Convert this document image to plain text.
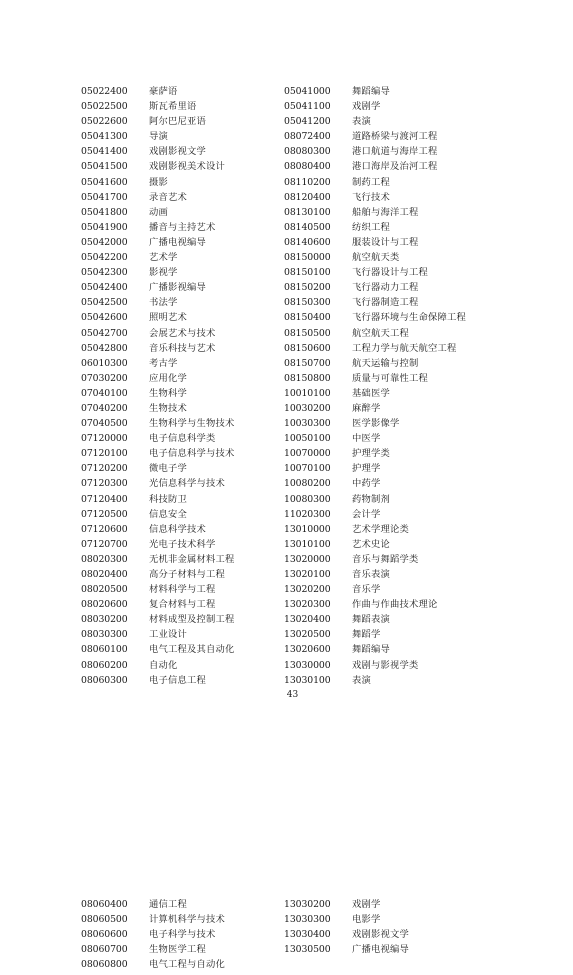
05022400	豪萨语
05022500	斯瓦希里语
05022600	阿尔巴尼亚语
05041300	导演
05041400	戏剧影视文学
05041500	戏剧影视美术设计
05041600	摄影
05041700	录音艺术
05041800	动画
05041900	播音与主持艺术
05042000	广播电视编导
05042200	艺术学
05042300	影视学
05042400	广播影视编导
05042500	书法学
05042600	照明艺术
05042700	会展艺术与技术
05042800	音乐科技与艺术
06010300	考古学
07030200	应用化学
07040100	生物科学
07040200	生物技术
07040500	生物科学与生物技术
07120000	电子信息科学类
07120100	电子信息科学与技术
07120200	微电子学
07120300	光信息科学与技术
07120400	科技防卫
07120500	信息安全
07120600	信息科学技术
07120700	光电子技术科学
08020300	无机非金属材料工程
08020400	高分子材料与工程
08020500	材料科学与工程
08020600	复合材料与工程
08030200	材料成型及控制工程
08030300	工业设计
08060100	电气工程及其自动化
08060200	自动化
08060300	电子信息工程
05041000	舞蹈编导
05041100	戏剧学
05041200	表演
08072400	道路桥梁与渡河工程
08080300	港口航道与海岸工程
08080400	港口海岸及治河工程
08110200	制药工程
08120400	飞行技术
08130100	船舶与海洋工程
08140500	纺织工程
08140600	服装设计与工程
08150000	航空航天类
08150100	飞行器设计与工程
08150200	飞行器动力工程
08150300	飞行器制造工程
08150400	飞行器环境与生命保障工程
08150500	航空航天工程
08150600	工程力学与航天航空工程
08150700	航天运输与控制
08150800	质量与可靠性工程
10010100	基础医学
10030200	麻醉学
10030300	医学影像学
10050100	中医学
10070000	护理学类
10070100	护理学
10080200	中药学
10080300	药物制剂
11020300	会计学
13010000	艺术学理论类
13010100	艺术史论
13020000	音乐与舞蹈学类
13020100	音乐表演
13020200	音乐学
13020300	作曲与作曲技术理论
13020400	舞蹈表演
13020500	舞蹈学
13020600	舞蹈编导
13030000	戏剧与影视学类
13030100	表演
43
08060400	通信工程
08060500	计算机科学与技术
08060600	电子科学与技术
08060700	生物医学工程
08060800	电气工程与自动化
13030200	戏剧学
13030300	电影学
13030400	戏剧影视文学
13030500	广播电视编导
